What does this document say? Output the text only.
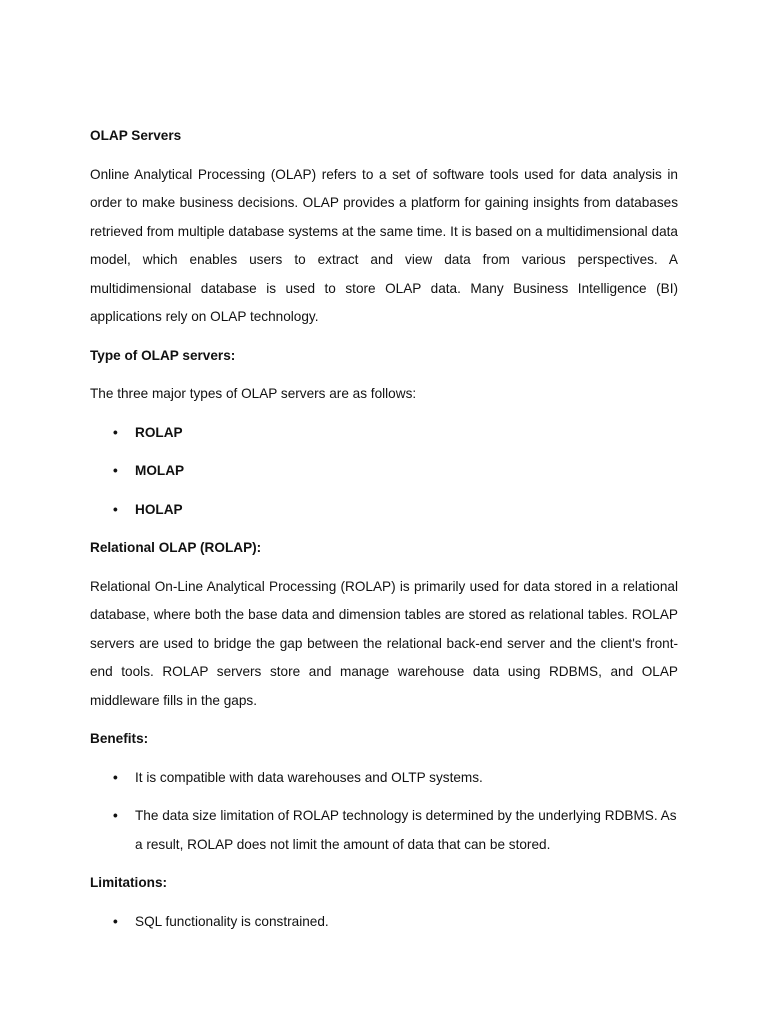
OLAP Servers

Online Analytical Processing (OLAP) refers to a set of software tools used for data analysis in order to make business decisions. OLAP provides a platform for gaining insights from databases retrieved from multiple database systems at the same time. It is based on a multidimensional data model, which enables users to extract and view data from various perspectives. A multidimensional database is used to store OLAP data. Many Business Intelligence (BI) applications rely on OLAP technology.

Type of OLAP servers:

The three major types of OLAP servers are as follows:

• ROLAP
• MOLAP
• HOLAP
Relational OLAP (ROLAP):

Relational On-Line Analytical Processing (ROLAP) is primarily used for data stored in a relational database, where both the base data and dimension tables are stored as relational tables. ROLAP servers are used to bridge the gap between the relational back-end server and the client's front-end tools. ROLAP servers store and manage warehouse data using RDBMS, and OLAP middleware fills in the gaps.

Benefits:
• It is compatible with data warehouses and OLTP systems.
• The data size limitation of ROLAP technology is determined by the underlying RDBMS. As a result, ROLAP does not limit the amount of data that can be stored.
Limitations:
• SQL functionality is constrained.
